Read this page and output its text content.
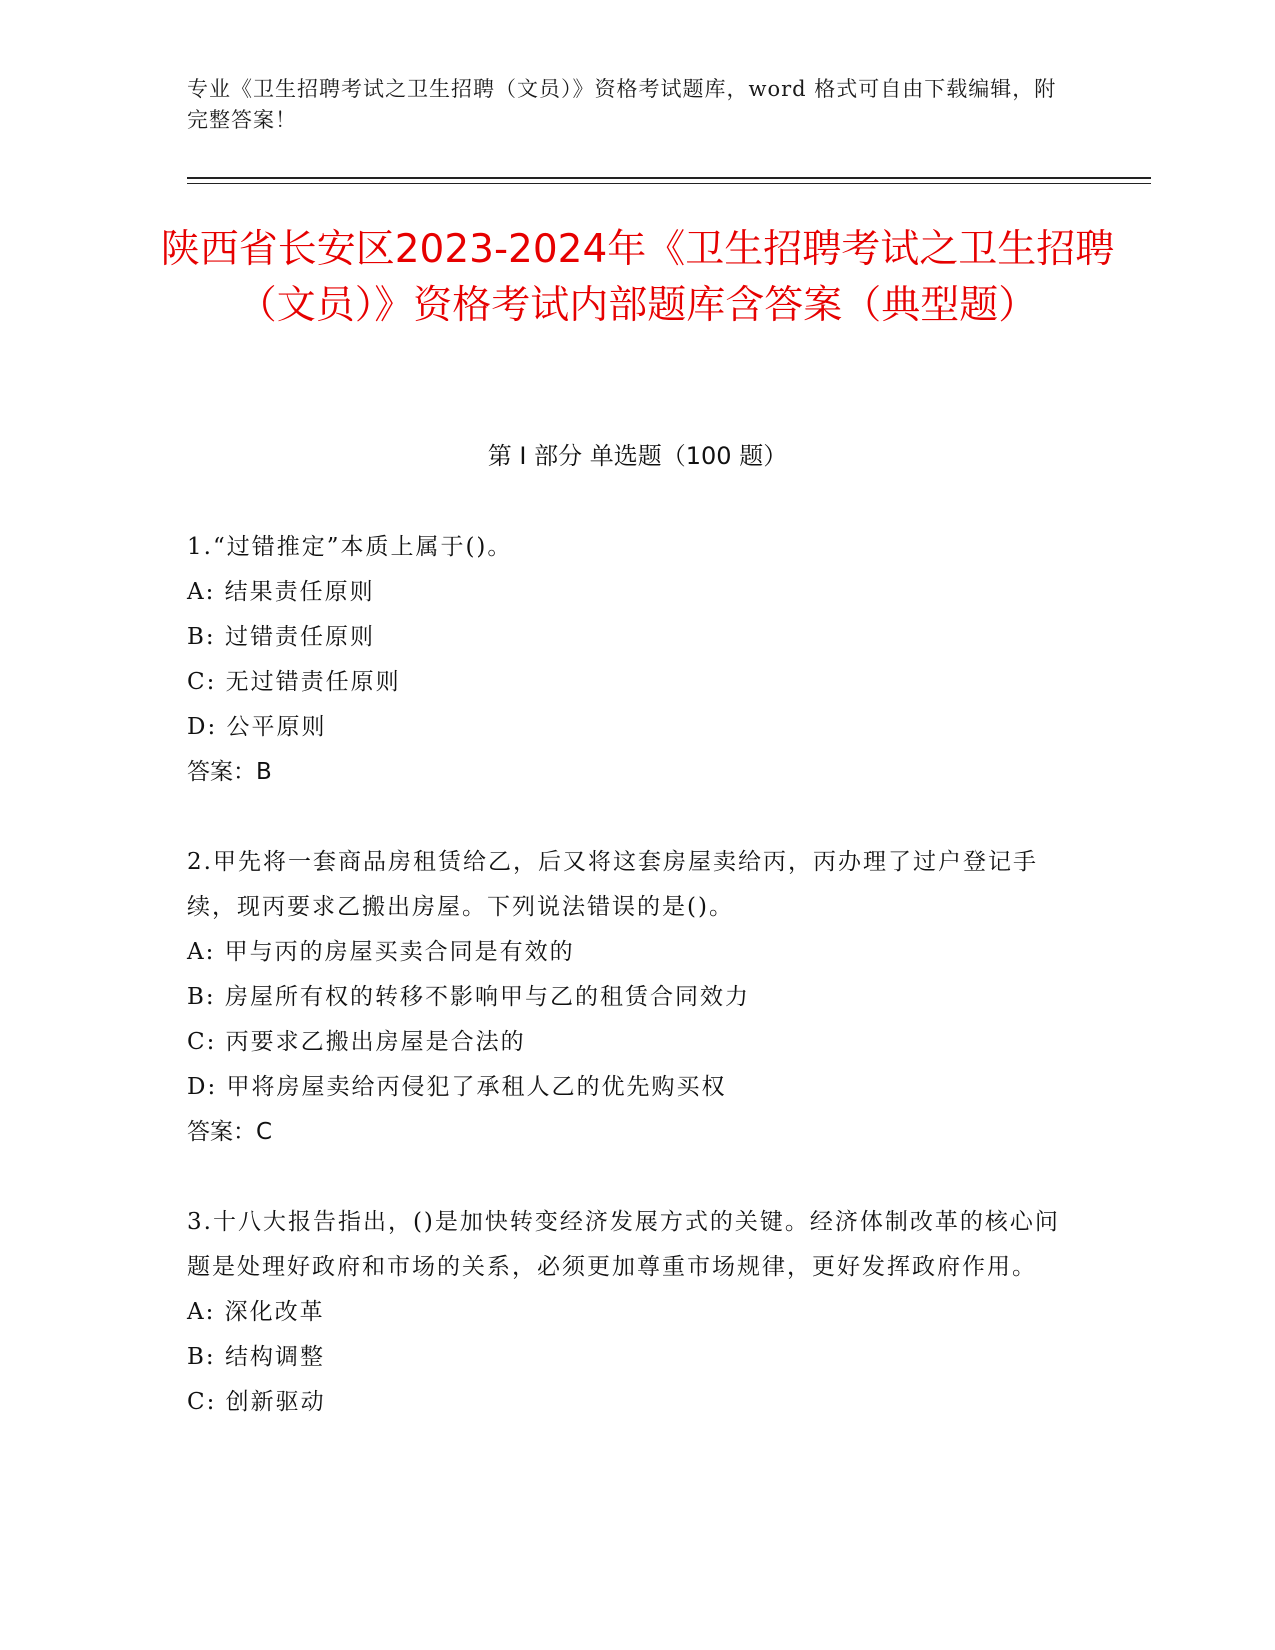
专业《卫生招聘考试之卫生招聘（文员）》资格考试题库，word 格式可自由下载编辑，附完整答案！
陕西省长安区2023-2024年《卫生招聘考试之卫生招聘（文员）》资格考试内部题库含答案（典型题）
第 I 部分 单选题（100 题）

1.“过错推定”本质上属于()。

A: 结果责任原则

B: 过错责任原则

C: 无过错责任原则

D: 公平原则

答案：B

2.甲先将一套商品房租赁给乙，后又将这套房屋卖给丙，丙办理了过户登记手续，现丙要求乙搬出房屋。下列说法错误的是()。

A: 甲与丙的房屋买卖合同是有效的

B: 房屋所有权的转移不影响甲与乙的租赁合同效力

C: 丙要求乙搬出房屋是合法的

D: 甲将房屋卖给丙侵犯了承租人乙的优先购买权

答案：C

3.十八大报告指出，()是加快转变经济发展方式的关键。经济体制改革的核心问题是处理好政府和市场的关系，必须更加尊重市场规律，更好发挥政府作用。

A: 深化改革

B: 结构调整

C: 创新驱动
